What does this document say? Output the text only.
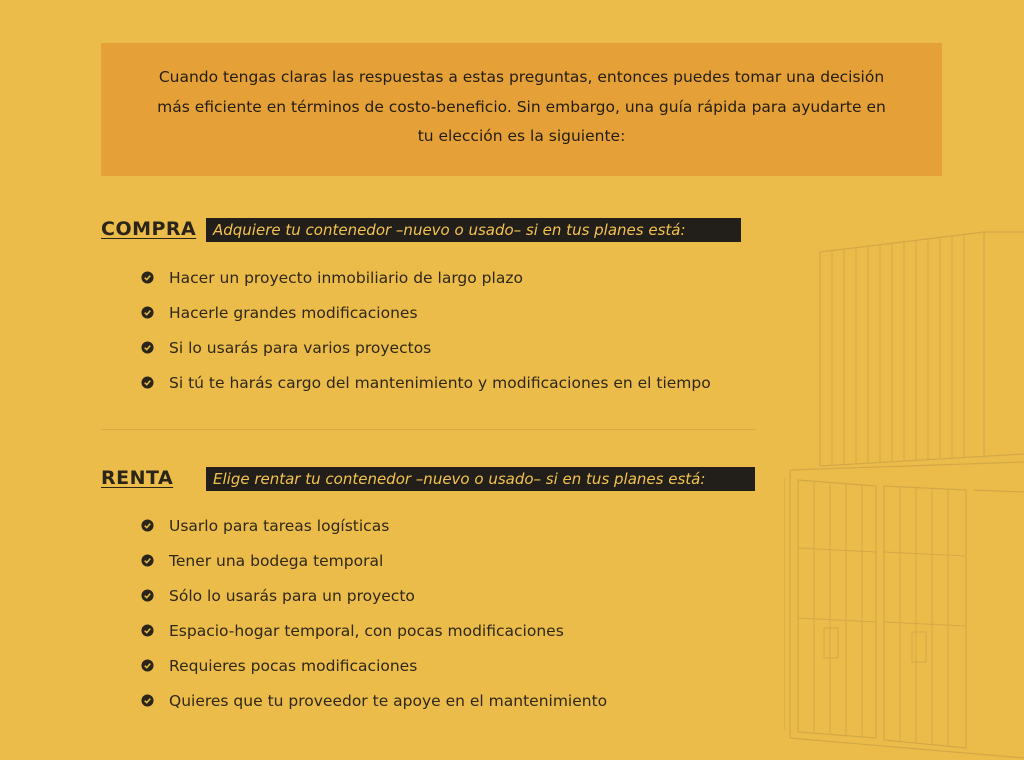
Cuando tengas claras las respuestas a estas preguntas, entonces puedes tomar una decisión más eficiente en términos de costo-beneficio. Sin embargo, una guía rápida para ayudarte en tu elección es la siguiente:
COMPRA	Adquiere tu contenedor –nuevo o usado– si en tus planes está:
Hacer un proyecto inmobiliario de largo plazo
Hacerle grandes modificaciones
Si lo usarás para varios proyectos
Si tú te harás cargo del mantenimiento y modificaciones en el tiempo
RENTA	Elige rentar tu contenedor –nuevo o usado– si en tus planes está:
Usarlo para tareas logísticas
Tener una bodega temporal
Sólo lo usarás para un proyecto
Espacio-hogar temporal, con pocas modificaciones
Requieres pocas modificaciones
Quieres que tu proveedor te apoye en el mantenimiento
